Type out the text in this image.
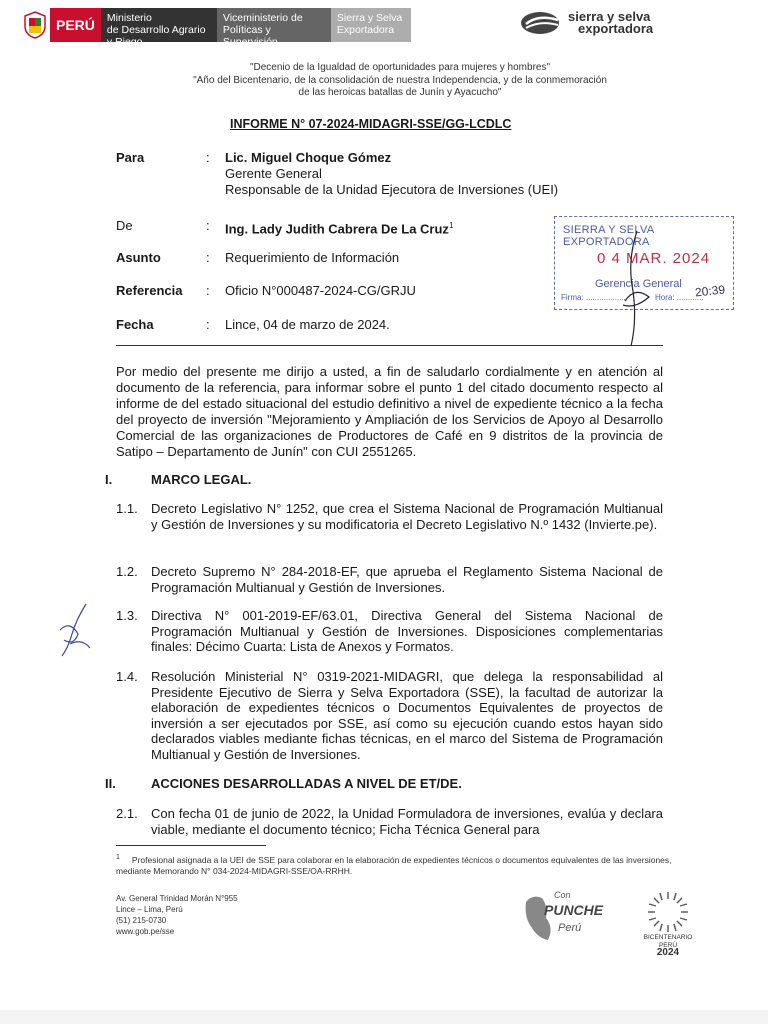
PERÚ	Ministerio
de Desarrollo Agrario
y Riego
Viceministerio de
Políticas y Supervisión
del Desarrollo Agrario
Sierra y Selva Exportadora
sierra y selva
exportadora
"Decenio de la Igualdad de oportunidades para mujeres y hombres"
"Año del Bicentenario, de la consolidación de nuestra Independencia, y de la conmemoración
de las heroicas batallas de Junín y Ayacucho"
INFORME N° 07-2024-MIDAGRI-SSE/GG-LCDLC
Para	: Lic. Miguel Choque Gómez
Gerente General
Responsable de la Unidad Ejecutora de Inversiones (UEI)
De	: Ing. Lady Judith Cabrera De La Cruz$^1$
Asunto	: Requerimiento de Información
Referencia : Oficio N°000487-2024-CG/GRJU
Fecha	: Lince, 04 de marzo de 2024.
SIERRA Y SELVA EXPORTADORA
0 4 MAR. 2024
Gerencia General
Firma: ..................	Hora: ............
20:39
Por medio del presente me dirijo a usted, a fin de saludarlo cordialmente y en atención al documento de la referencia, para informar sobre el punto 1 del citado documento respecto al informe de del estado situacional del estudio definitivo a nivel de expediente técnico a la fecha del proyecto de inversión "Mejoramiento y Ampliación de los Servicios de Apoyo al Desarrollo Comercial de las organizaciones de Productores de Café en 9 distritos de la provincia de Satipo – Departamento de Junín" con CUI 2551265.
I.	MARCO LEGAL.
1.1. Decreto Legislativo N° 1252, que crea el Sistema Nacional de Programación Multianual y Gestión de Inversiones y su modificatoria el Decreto Legislativo N.º 1432 (Invierte.pe).
1.2. Decreto Supremo N° 284-2018-EF, que aprueba el Reglamento Sistema Nacional de Programación Multianual y Gestión de Inversiones.
1.3. Directiva N° 001-2019-EF/63.01, Directiva General del Sistema Nacional de Programación Multianual y Gestión de Inversiones. Disposiciones complementarias finales: Décimo Cuarta: Lista de Anexos y Formatos.
1.4. Resolución Ministerial N° 0319-2021-MIDAGRI, que delega la responsabilidad al Presidente Ejecutivo de Sierra y Selva Exportadora (SSE), la facultad de autorizar la elaboración de expedientes técnicos o Documentos Equivalentes de proyectos de inversión a ser ejecutados por SSE, así como su ejecución cuando estos hayan sido declarados viables mediante fichas técnicas, en el marco del Sistema de Programación Multianual y Gestión de Inversiones.
II.	ACCIONES DESARROLLADAS A NIVEL DE ET/DE.
2.1. Con fecha 01 de junio de 2022, la Unidad Formuladora de inversiones, evalúa y declara viable, mediante el documento técnico; Ficha Técnica General para
$^1$ Profesional asignada a la UEI de SSE para colaborar en la elaboración de expedientes técnicos o documentos equivalentes de las inversiones, mediante Memorando N° 034-2024-MIDAGRI-SSE/OA-RRHH.
Av. General Trinidad Morán N°955
Lince – Lima, Perú
(51) 215-0730
www.gob.pe/sse
Con
PUNCHE
Perú
BICENTENARIO
PERÚ
2024
